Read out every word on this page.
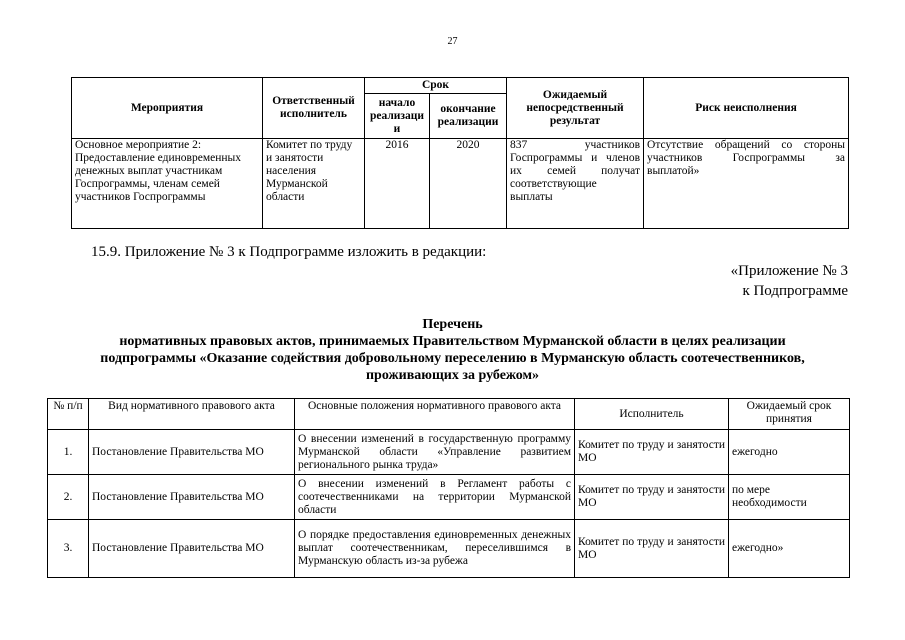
27
Мероприятия	Ответственный исполнитель	Срок		Ожидаемый непосредственный результат	Риск неисполнения
		начало реализаци и	окончание реализации		
Основное мероприятие 2: Предоставление единовременных денежных выплат участникам Госпрограммы, членам семей участников Госпрограммы	Комитет по труду и занятости населения Мурманской области	2016	2020	837 участников Госпрограммы и членов их семей получат соответствующие выплаты	Отсутствие обращений со стороны участников Госпрограммы за выплатой»
15.9. Приложение № 3 к Подпрограмме изложить в редакции:
«Приложение № 3
к Подпрограмме
Перечень
нормативных правовых актов, принимаемых Правительством Мурманской области в целях реализации
подпрограммы «Оказание содействия добровольному переселению в Мурманскую область соотечественников,
проживающих за рубежом»
№ п/п	Вид нормативного правового акта	Основные положения нормативного правового акта	Исполнитель	Ожидаемый срок принятия
1.	Постановление Правительства МО	О внесении изменений в государственную программу Мурманской области «Управление развитием регионального рынка труда»	Комитет по труду и занятости МО	ежегодно
2.	Постановление Правительства МО	О внесении изменений в Регламент работы с соотечественниками на территории Мурманской области	Комитет по труду и занятости МО	по мере необходимости
3.	Постановление Правительства МО	О порядке предоставления единовременных денежных выплат соотечественникам, переселившимся в Мурманскую область из-за рубежа	Комитет по труду и занятости МО	ежегодно»
